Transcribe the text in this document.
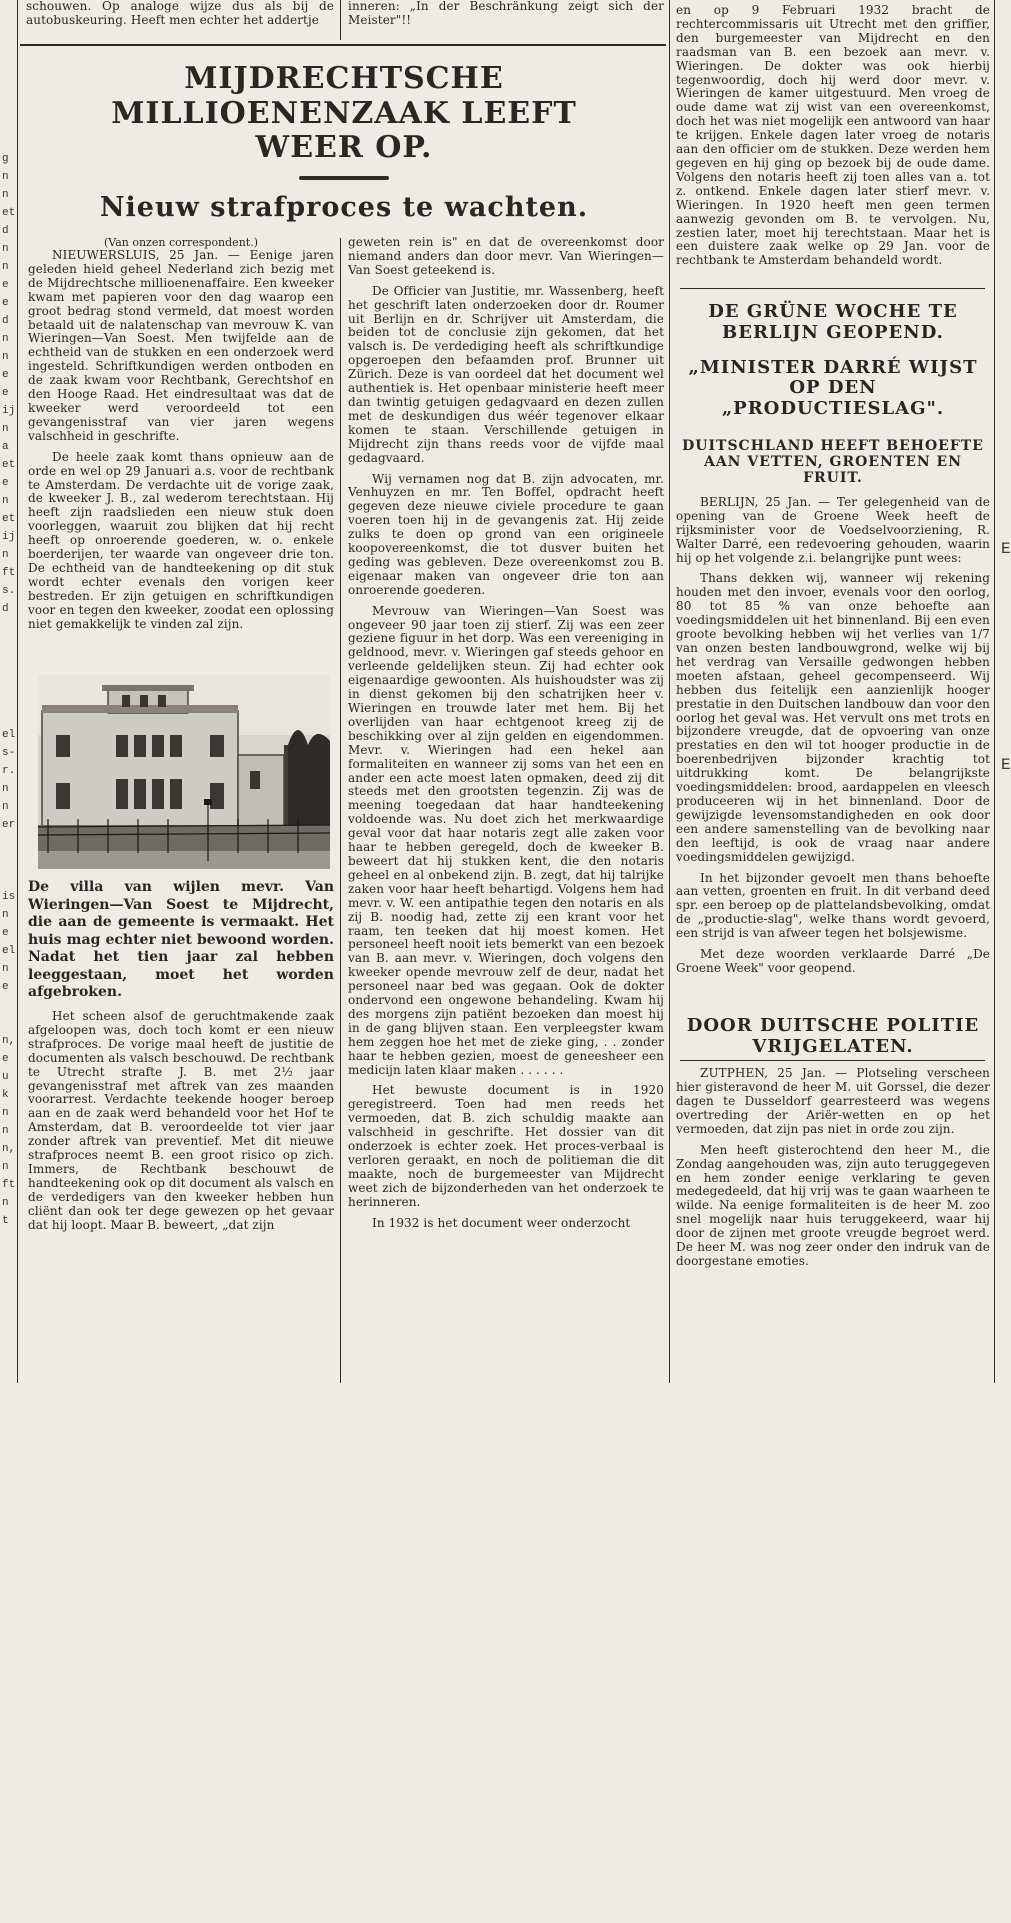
g
n
n
et
d
n
n
e
e
d
n
n
e
e
ij
n
a
et
e
n
et
ij
n
ft
s.
d
el
s-
r.
n
n
er
is
n
e
el
n
e
n,
e
u
k
n
n
n,
n
ft
n
t
E
E

schouwen. Op analoge wijze dus als bij de autobuskeuring. Heeft men echter het addertje

inneren: „In der Beschränkung zeigt sich der Meister"!!

MIJDRECHTSCHE MILLIOENENZAAK LEEFT WEER OP.
Nieuw strafproces te wachten.

(Van onzen correspondent.)

NIEUWERSLUIS, 25 Jan. — Eenige jaren geleden hield geheel Nederland zich bezig met de Mijdrechtsche millioenenaffaire. Een kweeker kwam met papieren voor den dag waarop een groot bedrag stond vermeld, dat moest worden betaald uit de nalatenschap van mevrouw K. van Wieringen—Van Soest. Men twijfelde aan de echtheid van de stukken en een onderzoek werd ingesteld. Schriftkundigen werden ontboden en de zaak kwam voor Rechtbank, Gerechtshof en den Hooge Raad. Het eindresultaat was dat de kweeker werd veroordeeld tot een gevangenisstraf van vier jaren wegens valschheid in geschrifte.

De heele zaak komt thans opnieuw aan de orde en wel op 29 Januari a.s. voor de rechtbank te Amsterdam. De verdachte uit de vorige zaak, de kweeker J. B., zal wederom terechtstaan. Hij heeft zijn raadslieden een nieuw stuk doen voorleggen, waaruit zou blijken dat hij recht heeft op onroerende goederen, w. o. enkele boerderijen, ter waarde van ongeveer drie ton. De echtheid van de handteekening op dit stuk wordt echter evenals den vorigen keer bestreden. Er zijn getuigen en schriftkundigen voor en tegen den kweeker, zoodat een oplossing niet gemakkelijk te vinden zal zijn.

De villa van wijlen mevr. Van Wieringen—Van Soest te Mijdrecht, die aan de gemeente is vermaakt. Het huis mag echter niet bewoond worden. Nadat het tien jaar zal hebben leeggestaan, moet het worden afgebroken.

Het scheen alsof de geruchtmakende zaak afgeloopen was, doch toch komt er een nieuw strafproces. De vorige maal heeft de justitie de documenten als valsch beschouwd. De rechtbank te Utrecht strafte J. B. met 2½ jaar gevangenisstraf met aftrek van zes maanden voorarrest. Verdachte teekende hooger beroep aan en de zaak werd behandeld voor het Hof te Amsterdam, dat B. veroordeelde tot vier jaar zonder aftrek van preventief. Met dit nieuwe strafproces neemt B. een groot risico op zich. Immers, de Rechtbank beschouwt de handteekening ook op dit document als valsch en de verdedigers van den kweeker hebben hun cliënt dan ook ter dege gewezen op het gevaar dat hij loopt. Maar B. beweert, „dat zijn

geweten rein is" en dat de overeenkomst door niemand anders dan door mevr. Van Wieringen—Van Soest geteekend is.

De Officier van Justitie, mr. Wassenberg, heeft het geschrift laten onderzoeken door dr. Roumer uit Berlijn en dr. Schrijver uit Amsterdam, die beiden tot de conclusie zijn gekomen, dat het valsch is. De verdediging heeft als schriftkundige opgeroepen den befaamden prof. Brunner uit Zürich. Deze is van oordeel dat het document wel authentiek is. Het openbaar ministerie heeft meer dan twintig getuigen gedagvaard en dezen zullen met de deskundigen dus wéér tegenover elkaar komen te staan. Verschillende getuigen in Mijdrecht zijn thans reeds voor de vijfde maal gedagvaard.

Wij vernamen nog dat B. zijn advocaten, mr. Venhuyzen en mr. Ten Boffel, opdracht heeft gegeven deze nieuwe civiele procedure te gaan voeren toen hij in de gevangenis zat. Hij zeide zulks te doen op grond van een origineele koopovereenkomst, die tot dusver buiten het geding was gebleven. Deze overeenkomst zou B. eigenaar maken van ongeveer drie ton aan onroerende goederen.

Mevrouw van Wieringen—Van Soest was ongeveer 90 jaar toen zij stierf. Zij was een zeer geziene figuur in het dorp. Was een vereeniging in geldnood, mevr. v. Wieringen gaf steeds gehoor en verleende geldelijken steun. Zij had echter ook eigenaardige gewoonten. Als huishoudster was zij in dienst gekomen bij den schatrijken heer v. Wieringen en trouwde later met hem. Bij het overlijden van haar echtgenoot kreeg zij de beschikking over al zijn gelden en eigendommen. Mevr. v. Wieringen had een hekel aan formaliteiten en wanneer zij soms van het een en ander een acte moest laten opmaken, deed zij dit steeds met den grootsten tegenzin. Zij was de meening toegedaan dat haar handteekening voldoende was. Nu doet zich het merkwaardige geval voor dat haar notaris zegt alle zaken voor haar te hebben geregeld, doch de kweeker B. beweert dat hij stukken kent, die den notaris geheel en al onbekend zijn. B. zegt, dat hij talrijke zaken voor haar heeft behartigd. Volgens hem had mevr. v. W. een antipathie tegen den notaris en als zij B. noodig had, zette zij een krant voor het raam, ten teeken dat hij moest komen. Het personeel heeft nooit iets bemerkt van een bezoek van B. aan mevr. v. Wieringen, doch volgens den kweeker opende mevrouw zelf de deur, nadat het personeel naar bed was gegaan. Ook de dokter ondervond een ongewone behandeling. Kwam hij des morgens zijn patiënt bezoeken dan moest hij in de gang blijven staan. Een verpleegster kwam hem zeggen hoe het met de zieke ging, . . zonder haar te hebben gezien, moest de geneesheer een medicijn laten klaar maken . . . . . .

Het bewuste document is in 1920 geregistreerd. Toen had men reeds het vermoeden, dat B. zich schuldig maakte aan valschheid in geschrifte. Het dossier van dit onderzoek is echter zoek. Het proces-verbaal is verloren geraakt, en noch de politieman die dit maakte, noch de burgemeester van Mijdrecht weet zich de bijzonderheden van het onderzoek te herinneren.

In 1932 is het document weer onderzocht

en op 9 Februari 1932 bracht de rechtercommissaris uit Utrecht met den griffier, den burgemeester van Mijdrecht en den raadsman van B. een bezoek aan mevr. v. Wieringen. De dokter was ook hierbij tegenwoordig, doch hij werd door mevr. v. Wieringen de kamer uitgestuurd. Men vroeg de oude dame wat zij wist van een overeenkomst, doch het was niet mogelijk een antwoord van haar te krijgen. Enkele dagen later vroeg de notaris aan den officier om de stukken. Deze werden hem gegeven en hij ging op bezoek bij de oude dame. Volgens den notaris heeft zij toen alles van a. tot z. ontkend. Enkele dagen later stierf mevr. v. Wieringen. In 1920 heeft men geen termen aanwezig gevonden om B. te vervolgen. Nu, zestien later, moet hij terechtstaan. Maar het is een duistere zaak welke op 29 Jan. voor de rechtbank te Amsterdam behandeld wordt.

DE GRÜNE WOCHE TE BERLIJN GEOPEND.
„MINISTER DARRÉ WIJST OP DEN „PRODUCTIESLAG".
DUITSCHLAND HEEFT BEHOEFTE AAN VETTEN, GROENTEN EN FRUIT.

BERLIJN, 25 Jan. — Ter gelegenheid van de opening van de Groene Week heeft de rijksminister voor de Voedselvoorziening, R. Walter Darré, een redevoering gehouden, waarin hij op het volgende z.i. belangrijke punt wees:

Thans dekken wij, wanneer wij rekening houden met den invoer, evenals voor den oorlog, 80 tot 85 % van onze behoefte aan voedingsmiddelen uit het binnenland. Bij een even groote bevolking hebben wij het verlies van 1/7 van onzen besten landbouwgrond, welke wij bij het verdrag van Versaille gedwongen hebben moeten afstaan, geheel gecompenseerd. Wij hebben dus feitelijk een aanzienlijk hooger prestatie in den Duitschen landbouw dan voor den oorlog het geval was. Het vervult ons met trots en bijzondere vreugde, dat de opvoering van onze prestaties en den wil tot hooger productie in de boerenbedrijven bijzonder krachtig tot uitdrukking komt. De belangrijkste voedingsmiddelen: brood, aardappelen en vleesch produceeren wij in het binnenland. Door de gewijzigde levensomstandigheden en ook door een andere samenstelling van de bevolking naar den leeftijd, is ook de vraag naar andere voedingsmiddelen gewijzigd.

In het bijzonder gevoelt men thans behoefte aan vetten, groenten en fruit. In dit verband deed spr. een beroep op de plattelandsbevolking, omdat de „productie-slag", welke thans wordt gevoerd, een strijd is van afweer tegen het bolsjewisme.

Met deze woorden verklaarde Darré „De Groene Week" voor geopend.

DOOR DUITSCHE POLITIE VRIJGELATEN.

ZUTPHEN, 25 Jan. — Plotseling verscheen hier gisteravond de heer M. uit Gorssel, die dezer dagen te Dusseldorf gearresteerd was wegens overtreding der Ariër-wetten en op het vermoeden, dat zijn pas niet in orde zou zijn.

Men heeft gisterochtend den heer M., die Zondag aangehouden was, zijn auto teruggegeven en hem zonder eenige verklaring te geven medegedeeld, dat hij vrij was te gaan waarheen te wilde. Na eenige formaliteiten is de heer M. zoo snel mogelijk naar huis teruggekeerd, waar hij door de zijnen met groote vreugde begroet werd. De heer M. was nog zeer onder den indruk van de doorgestane emoties.
